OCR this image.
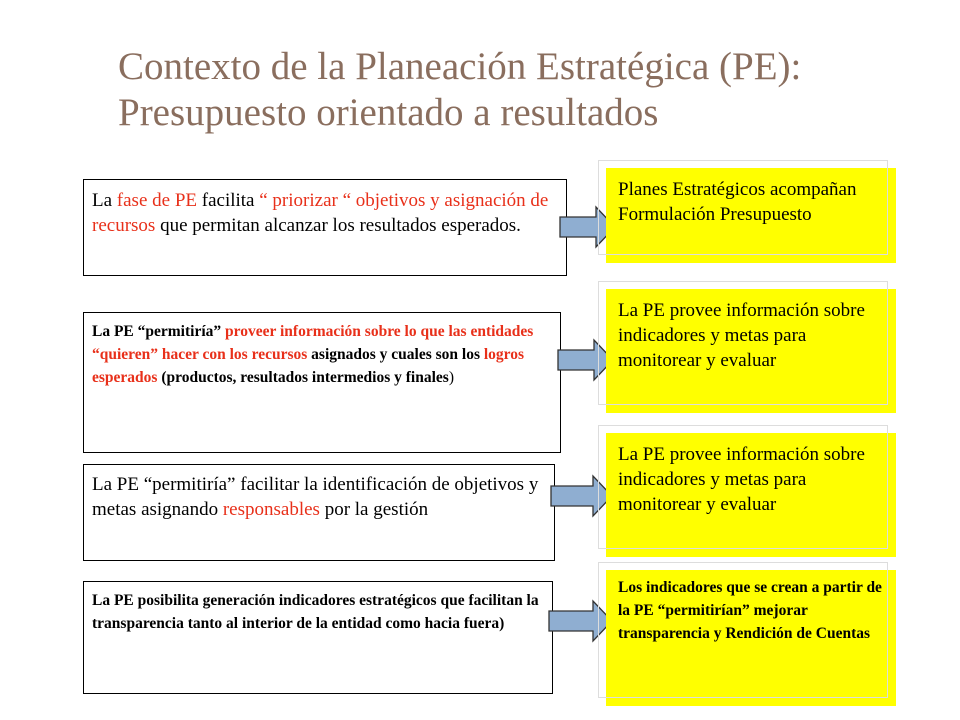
Contexto de la Planeación Estratégica (PE):
Presupuesto orientado a resultados
La fase de PE facilita “ priorizar “ objetivos y asignación de recursos que permitan alcanzar los resultados esperados.
Planes Estratégicos acompañan Formulación Presupuesto
La PE “permitiría” proveer información sobre lo que las entidades “quieren” hacer con los recursos asignados y cuales son los logros esperados (productos, resultados intermedios y finales)
La PE provee información sobre indicadores y metas para monitorear y evaluar
La PE “permitiría” facilitar la identificación de objetivos y metas asignando responsables por la gestión
La PE provee información sobre indicadores y metas para monitorear y evaluar
La PE posibilita generación indicadores estratégicos que facilitan la transparencia tanto al interior de la entidad como hacia fuera)
Los indicadores que se crean a partir de la PE “permitirían” mejorar transparencia y Rendición de Cuentas
